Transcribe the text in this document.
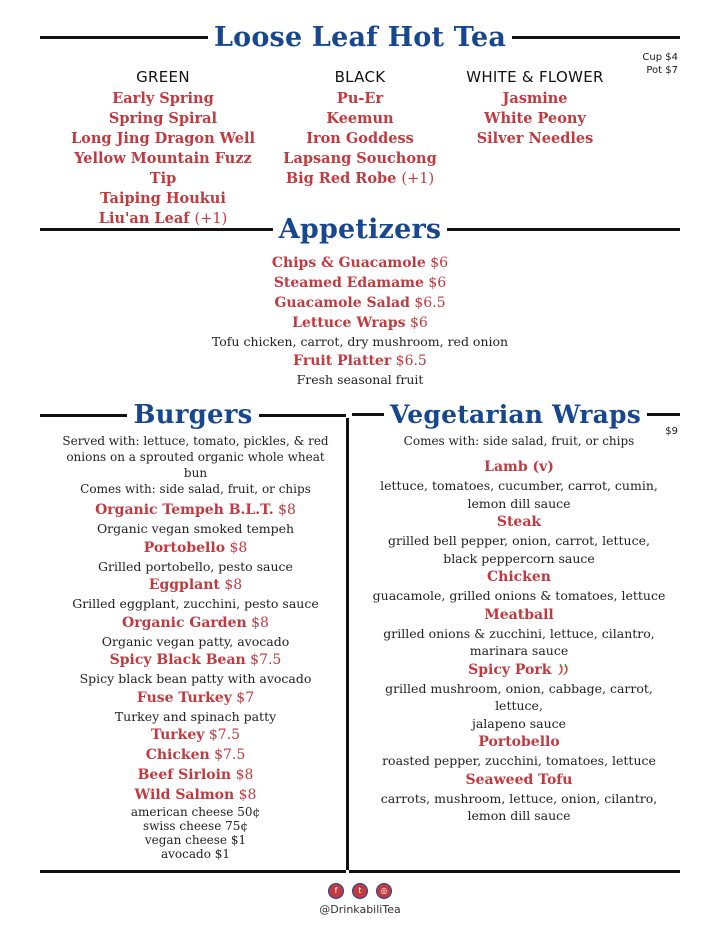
Loose Leaf Hot Tea
Cup $4
Pot $7
GREEN
Early Spring
Spring Spiral
Long Jing Dragon Well
Yellow Mountain Fuzz Tip
Taiping Houkui
Liu'an Leaf (+1)
BLACK
Pu-Er
Keemun
Iron Goddess
Lapsang Souchong
Big Red Robe (+1)
WHITE & FLOWER
Jasmine
White Peony
Silver Needles
Appetizers
Chips & Guacamole $6
Steamed Edamame $6
Guacamole Salad $6.5
Lettuce Wraps $6
Tofu chicken, carrot, dry mushroom, red onion
Fruit Platter $6.5
Fresh seasonal fruit
Burgers	Vegetarian Wraps
$9
Served with: lettuce, tomato, pickles, & red
onions on a sprouted organic whole wheat bun
Comes with: side salad, fruit, or chips
Organic Tempeh B.L.T. $8
Organic vegan smoked tempeh
Portobello $8
Grilled portobello, pesto sauce
Eggplant $8
Grilled eggplant, zucchini, pesto sauce
Organic Garden $8
Organic vegan patty, avocado
Spicy Black Bean $7.5
Spicy black bean patty with avocado
Fuse Turkey $7
Turkey and spinach patty
Turkey $7.5
Chicken $7.5
Beef Sirloin $8
Wild Salmon $8
american cheese 50¢
swiss cheese 75¢
vegan cheese $1
avocado $1
Comes with: side salad, fruit, or chips
Lamb (v)
lettuce, tomatoes, cucumber, carrot, cumin,
lemon dill sauce
Steak
grilled bell pepper, onion, carrot, lettuce,
black peppercorn sauce
Chicken
guacamole, grilled onions & tomatoes, lettuce
Meatball
grilled onions & zucchini, lettuce, cilantro,
marinara sauce
Spicy Pork
grilled mushroom, onion, cabbage, carrot, lettuce,
jalapeno sauce
Portobello
roasted pepper, zucchini, tomatoes, lettuce
Seaweed Tofu
carrots, mushroom, lettuce, onion, cilantro,
lemon dill sauce
f	t	◎
@DrinkabiliTea
